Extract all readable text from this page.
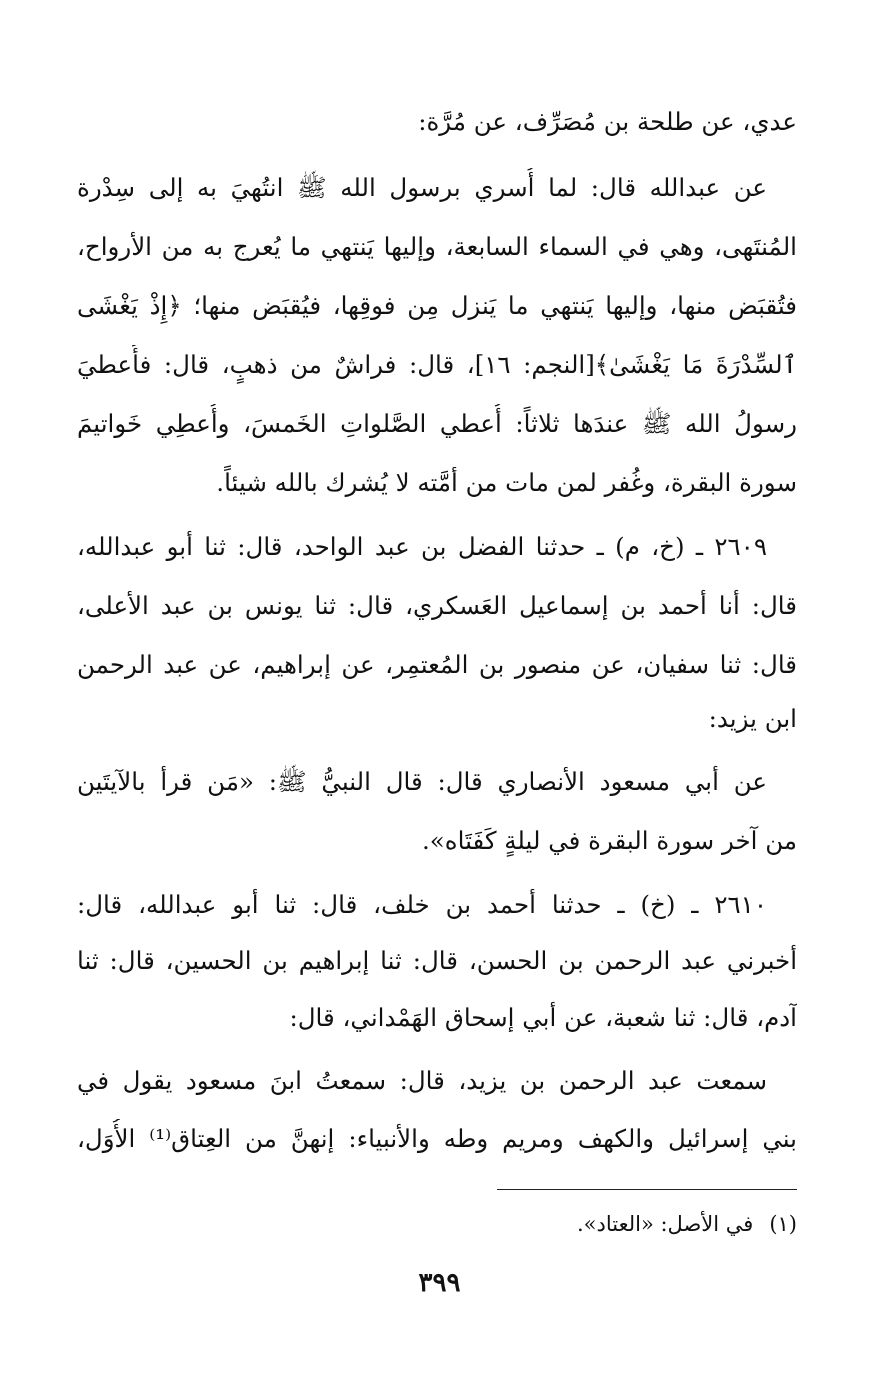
عدي، عن طلحة بن مُصَرِّف، عن مُرَّة:
عن عبدالله قال: لما أُسري برسول الله ﷺ انتُهيَ به إلى سِدْرة
المُنتَهى، وهي في السماء السابعة، وإليها يَنتهي ما يُعرج به من الأرواح،
فتُقبَض منها، وإليها يَنتهي ما يَنزل مِن فوقِها، فيُقبَض منها؛ ﴿إِذْ يَغْشَى
ٱلسِّدْرَةَ مَا يَغْشَىٰ﴾[النجم: ١٦]، قال: فراشٌ من ذهبٍ، قال: فأُعطيَ
رسولُ الله ﷺ عندَها ثلاثاً: أُعطي الصَّلواتِ الخَمسَ، وأُعطِي خَواتيمَ
سورة البقرة، وغُفر لمن مات من أمَّته لا يُشرك بالله شيئاً.
٢٦٠٩ ـ (خ، م) ـ حدثنا الفضل بن عبد الواحد، قال: ثنا أبو عبدالله،
قال: أنا أحمد بن إسماعيل العَسكري، قال: ثنا يونس بن عبد الأعلى،
قال: ثنا سفيان، عن منصور بن المُعتمِر، عن إبراهيم، عن عبد الرحمن
ابن يزيد:
عن أبي مسعود الأنصاري قال: قال النبيُّ ﷺ: «مَن قرأ بالآيتَين
من آخر سورة البقرة في ليلةٍ كَفَتَاه».
٢٦١٠ ـ (خ) ـ حدثنا أحمد بن خلف، قال: ثنا أبو عبدالله، قال:
أخبرني عبد الرحمن بن الحسن، قال: ثنا إبراهيم بن الحسين، قال: ثنا
آدم، قال: ثنا شعبة، عن أبي إسحاق الهَمْداني، قال:
سمعت عبد الرحمن بن يزيد، قال: سمعتُ ابنَ مسعود يقول في
بني إسرائيل والكهف ومريم وطه والأنبياء: إنهنَّ من العِتاق⁽¹⁾ الأُوَل،
(١)في الأصل: «العتاد».
٣٩٩
